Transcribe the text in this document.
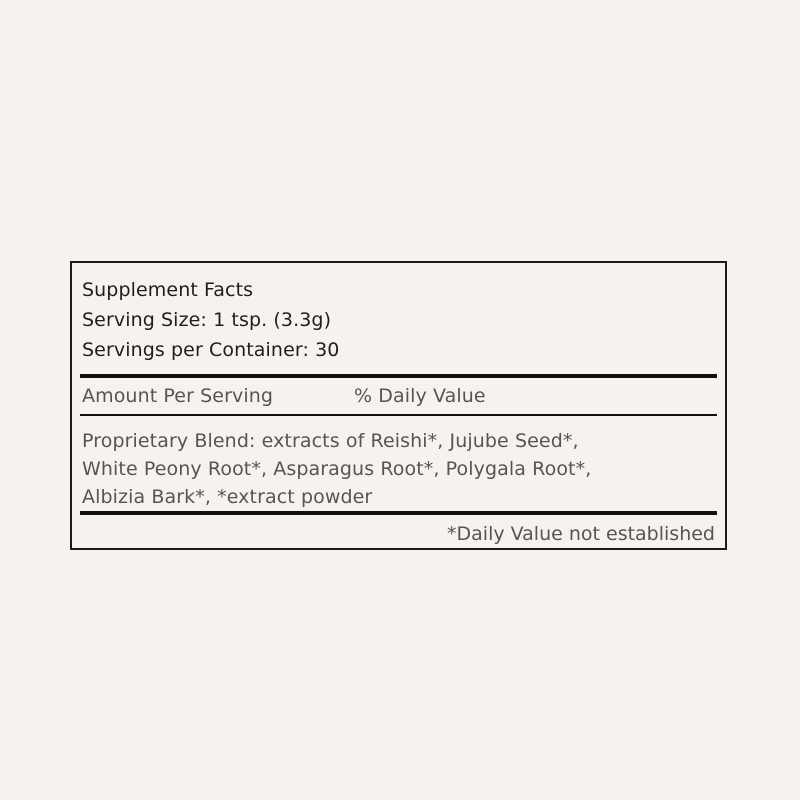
Supplement Facts
Serving Size: 1 tsp. (3.3g)
Servings per Container: 30
Amount Per Serving	% Daily Value
Proprietary Blend: extracts of Reishi*, Jujube Seed*,
White Peony Root*, Asparagus Root*, Polygala Root*,
Albizia Bark*, *extract powder
*Daily Value not established
